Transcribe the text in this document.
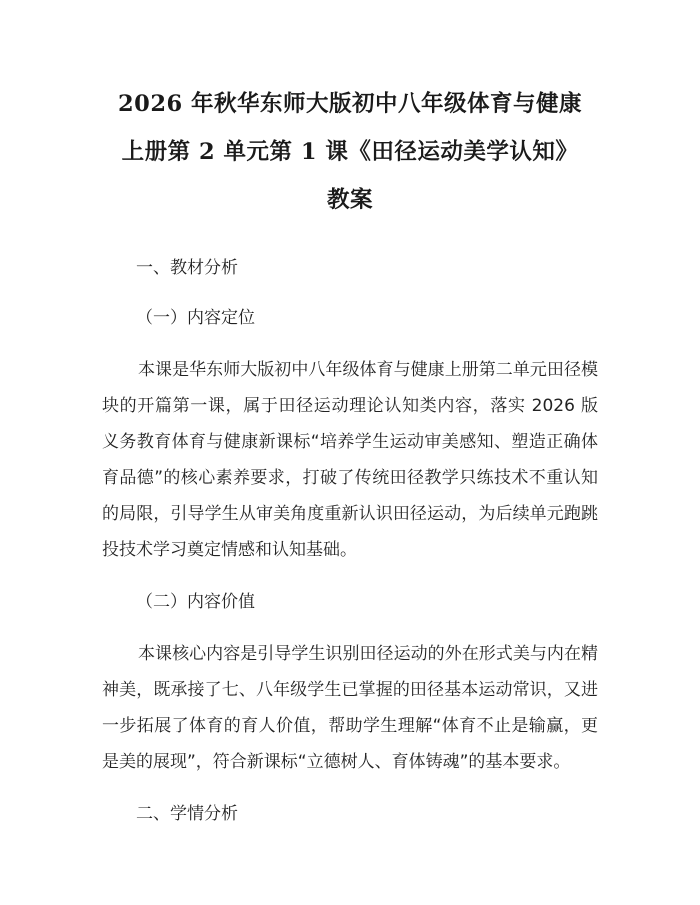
2026 年秋华东师大版初中八年级体育与健康
上册第 2 单元第 1 课《田径运动美学认知》
教案

一、教材分析

（一）内容定位

本课是华东师大版初中八年级体育与健康上册第二单元田径模块的开篇第一课，属于田径运动理论认知类内容，落实 2026 版义务教育体育与健康新课标“培养学生运动审美感知、塑造正确体育品德”的核心素养要求，打破了传统田径教学只练技术不重认知的局限，引导学生从审美角度重新认识田径运动，为后续单元跑跳投技术学习奠定情感和认知基础。

（二）内容价值

本课核心内容是引导学生识别田径运动的外在形式美与内在精神美，既承接了七、八年级学生已掌握的田径基本运动常识，又进一步拓展了体育的育人价值，帮助学生理解“体育不止是输赢，更是美的展现”，符合新课标“立德树人、育体铸魂”的基本要求。

二、学情分析
